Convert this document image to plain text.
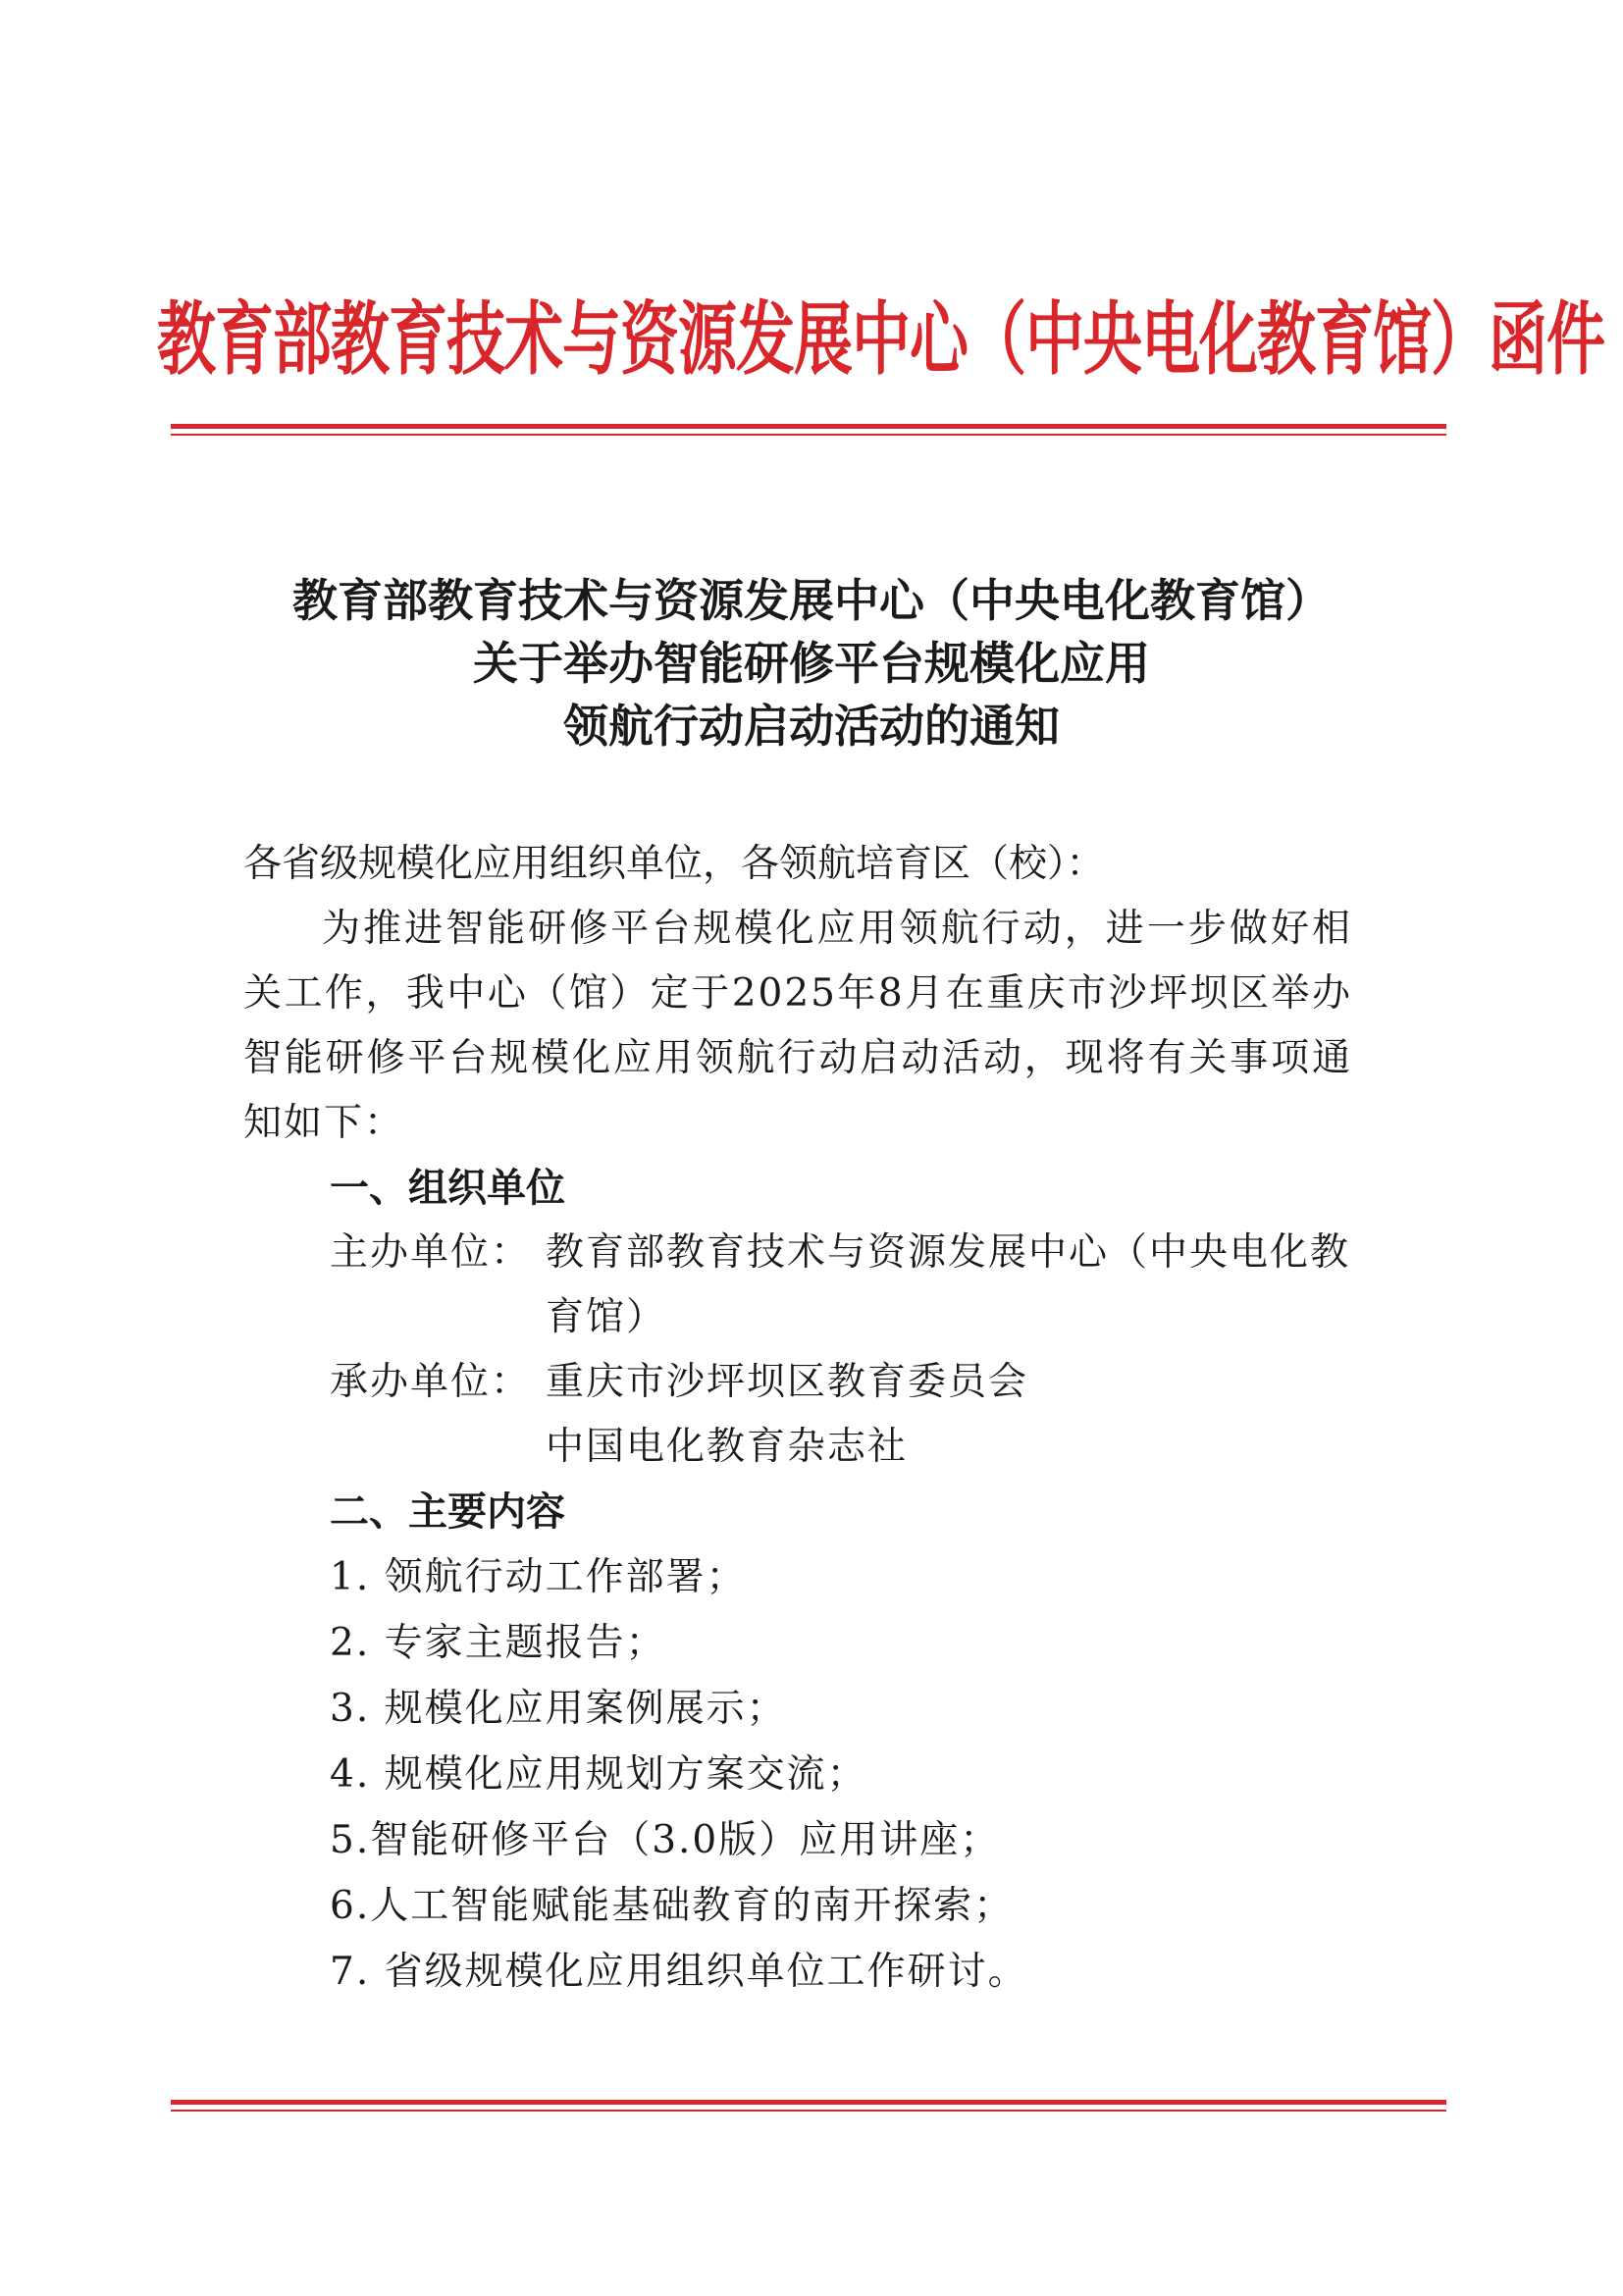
教育部教育技术与资源发展中心（中央电化教育馆）函件
教育部教育技术与资源发展中心（中央电化教育馆）
关于举办智能研修平台规模化应用
领航行动启动活动的通知
各省级规模化应用组织单位，各领航培育区（校）：
为推进智能研修平台规模化应用领航行动，进一步做好相关工作，我中心（馆）定于2025年8月在重庆市沙坪坝区举办智能研修平台规模化应用领航行动启动活动，现将有关事项通知如下：
一、组织单位
主办单位： 教育部教育技术与资源发展中心（中央电化教育馆）
承办单位： 重庆市沙坪坝区教育委员会
中国电化教育杂志社
二、主要内容
1. 领航行动工作部署；
2. 专家主题报告；
3. 规模化应用案例展示；
4. 规模化应用规划方案交流；
5.智能研修平台（3.0版）应用讲座；
6.人工智能赋能基础教育的南开探索；
7. 省级规模化应用组织单位工作研讨。
